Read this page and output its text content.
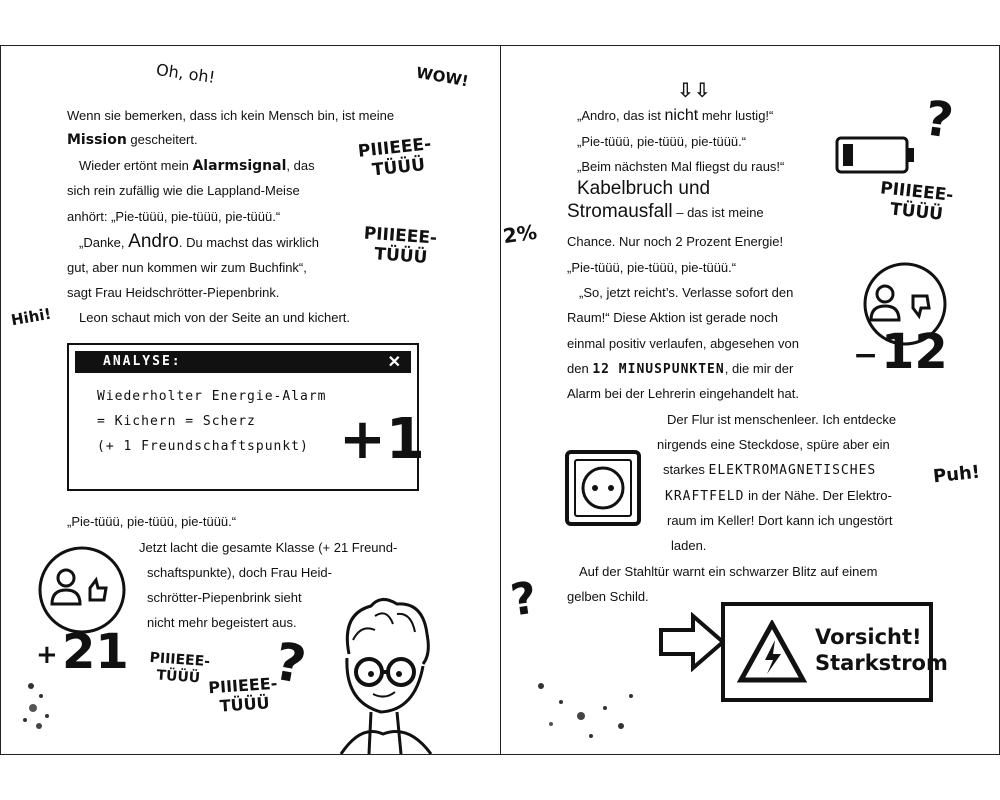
Oh, oh!	WOW!
Hihi!
Wenn sie bemerken, dass ich kein Mensch bin, ist meine
Mission gescheitert.
Wieder ertönt mein Alarmsignal, das
sich rein zufällig wie die Lappland-Meise
anhört: „Pie-tüüü, pie-tüüü, pie-tüüü.“
„Danke, Andro. Du machst das wirklich
gut, aber nun kommen wir zum Buchfink“,
sagt Frau Heidschrötter-Piepenbrink.
Leon schaut mich von der Seite an und kichert.
PIIIEEE-
TÜÜÜ
PIIIEEE-
TÜÜÜ
ANALYSE:	✕
Wiederholter Energie-Alarm
= Kichern = Scherz
(+ 1 Freundschaftspunkt) +1
„Pie-tüüü, pie-tüüü, pie-tüüü.“
Jetzt lacht die gesamte Klasse (+ 21 Freund-
schaftspunkte), doch Frau Heid-
schrötter-Piepenbrink sieht
nicht mehr begeistert aus.
+ 21 PIIIEEE-
TÜÜÜ PIIIEEE-
TÜÜÜ
?
⇩⇩
„Andro, das ist nicht mehr lustig!“
„Pie-tüüü, pie-tüüü, pie-tüüü.“
„Beim nächsten Mal fliegst du raus!“
Kabelbruch und
Stromausfall – das ist meine
Chance. Nur noch 2 Prozent Energie!
„Pie-tüüü, pie-tüüü, pie-tüüü.“
„So, jetzt reicht’s. Verlasse sofort den
Raum!“ Diese Aktion ist gerade noch
einmal positiv verlaufen, abgesehen von
den 12 MINUSPUNKTEN, die mir der
Alarm bei der Lehrerin eingehandelt hat.
Der Flur ist menschenleer. Ich entdecke
nirgends eine Steckdose, spüre aber ein
starkes ELEKTROMAGNETISCHES
KRAFTFELD in der Nähe. Der Elektro-
raum im Keller! Dort kann ich ungestört
laden.
Auf der Stahltür warnt ein schwarzer Blitz auf einem
gelben Schild.
2%
Puh!
?
PIIIEEE-
TÜÜÜ
− 12
?
Vorsicht!
Starkstrom
